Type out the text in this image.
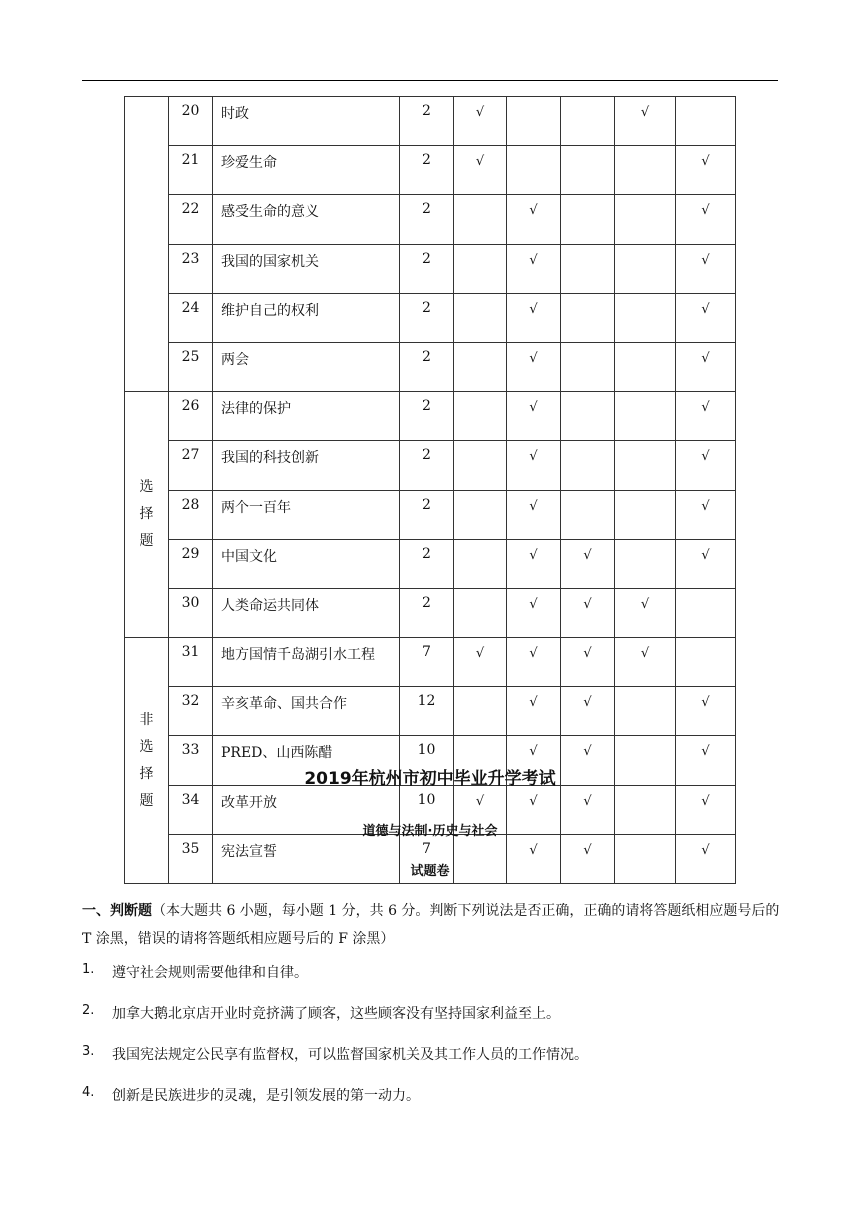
	20	时政	2	√			√	
	21	珍爱生命	2	√				√
	22	感受生命的意义	2		√			√
	23	我国的国家机关	2		√			√
	24	维护自己的权利	2		√			√
	25	两会	2		√			√
选择题	26	法律的保护	2		√			√
	27	我国的科技创新	2		√			√
	28	两个一百年	2		√			√
	29	中国文化	2		√	√		√
	30	人类命运共同体	2		√	√	√	
非选择题	31	地方国情千岛湖引水工程	7	√	√	√	√	
	32	辛亥革命、国共合作	12		√	√		√
	33	PRED、山西陈醋	10		√	√		√
	34	改革开放	10	√	√	√		√
	35	宪法宣誓	7		√	√		√
2019年杭州市初中毕业升学考试
道德与法制·历史与社会
试题卷
一、判断题（本大题共 6 小题，每小题 1 分，共 6 分。判断下列说法是否正确，正确的请将答题纸相应题号后的 T 涂黑，错误的请将答题纸相应题号后的 F 涂黑）
1. 遵守社会规则需要他律和自律。
2. 加拿大鹅北京店开业时竞挤满了顾客，这些顾客没有坚持国家利益至上。
3. 我国宪法规定公民享有监督权，可以监督国家机关及其工作人员的工作情况。
4. 创新是民族进步的灵魂，是引领发展的第一动力。
